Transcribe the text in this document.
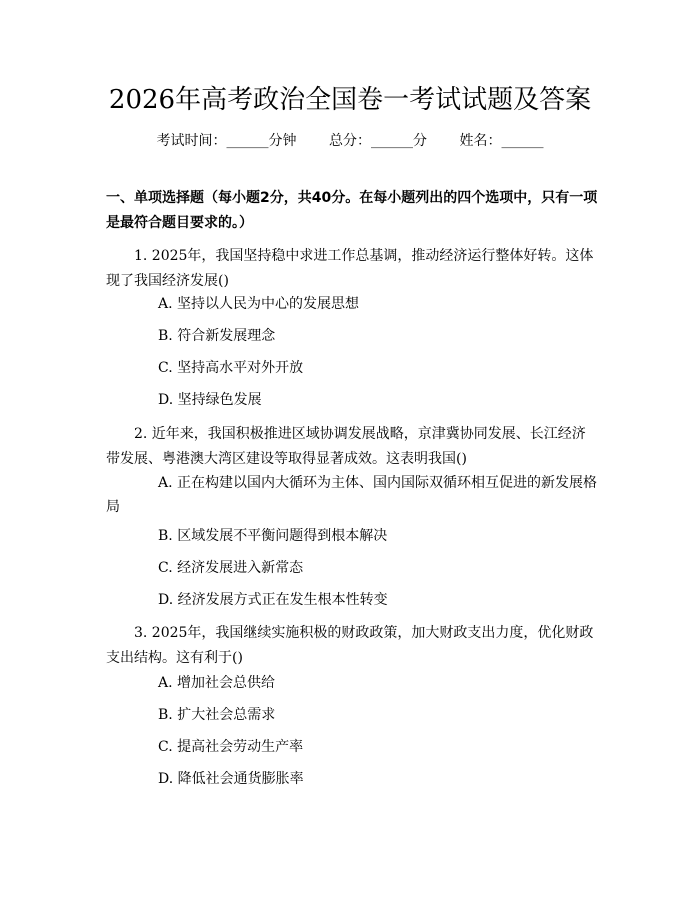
2026年高考政治全国卷一考试试题及答案
考试时间：______分钟 总分：______分 姓名：______
一、单项选择题（每小题2分，共40分。在每小题列出的四个选项中，只有一项是最符合题目要求的。）
1. 2025年，我国坚持稳中求进工作总基调，推动经济运行整体好转。这体现了我国经济发展()
A. 坚持以人民为中心的发展思想
B. 符合新发展理念
C. 坚持高水平对外开放
D. 坚持绿色发展
2. 近年来，我国积极推进区域协调发展战略，京津冀协同发展、长江经济带发展、粤港澳大湾区建设等取得显著成效。这表明我国()
A. 正在构建以国内大循环为主体、国内国际双循环相互促进的新发展格局
B. 区域发展不平衡问题得到根本解决
C. 经济发展进入新常态
D. 经济发展方式正在发生根本性转变
3. 2025年，我国继续实施积极的财政政策，加大财政支出力度，优化财政支出结构。这有利于()
A. 增加社会总供给
B. 扩大社会总需求
C. 提高社会劳动生产率
D. 降低社会通货膨胀率
